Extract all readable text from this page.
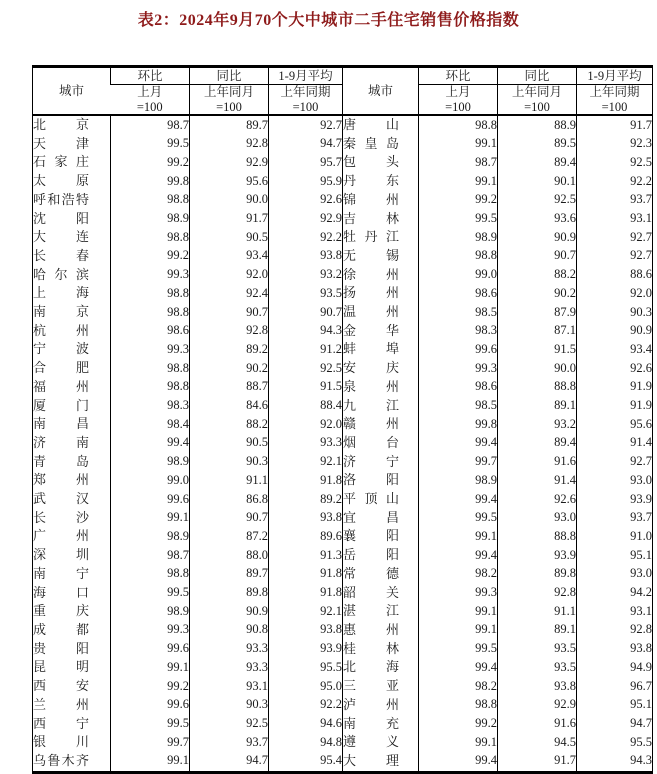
表2：2024年9月70个大中城市二手住宅销售价格指数
城市	环比	同比	1-9月平均	城市	环比	同比	1-9月平均
	上月	上年同月	上年同期		上月	上年同月	上年同期
	=100	=100	=100		=100	=100	=100
北京	98.7	89.7	92.7	唐山	98.8	88.9	91.7
天津	99.5	92.8	94.7	秦皇岛	99.1	89.5	92.3
石家庄	99.2	92.9	95.7	包头	98.7	89.4	92.5
太原	99.8	95.6	95.9	丹东	99.1	90.1	92.2
呼和浩特	98.8	90.0	92.6	锦州	99.2	92.5	93.7
沈阳	98.9	91.7	92.9	吉林	99.5	93.6	93.1
大连	98.8	90.5	92.2	牡丹江	98.9	90.9	92.7
长春	99.2	93.4	93.8	无锡	98.8	90.7	92.7
哈尔滨	99.3	92.0	93.2	徐州	99.0	88.2	88.6
上海	98.8	92.4	93.5	扬州	98.6	90.2	92.0
南京	98.8	90.7	90.7	温州	98.5	87.9	90.3
杭州	98.6	92.8	94.3	金华	98.3	87.1	90.9
宁波	99.3	89.2	91.2	蚌埠	99.6	91.5	93.4
合肥	98.8	90.2	92.5	安庆	99.3	90.0	92.6
福州	98.8	88.7	91.5	泉州	98.6	88.8	91.9
厦门	98.3	84.6	88.4	九江	98.5	89.1	91.9
南昌	98.4	88.2	92.0	赣州	99.8	93.2	95.6
济南	99.4	90.5	93.3	烟台	99.4	89.4	91.4
青岛	98.9	90.3	92.1	济宁	99.7	91.6	92.7
郑州	99.0	91.1	91.8	洛阳	98.9	91.4	93.0
武汉	99.6	86.8	89.2	平顶山	99.4	92.6	93.9
长沙	99.1	90.7	93.8	宜昌	99.5	93.0	93.7
广州	98.9	87.2	89.6	襄阳	99.1	88.8	91.0
深圳	98.7	88.0	91.3	岳阳	99.4	93.9	95.1
南宁	98.8	89.7	91.8	常德	98.2	89.8	93.0
海口	99.5	89.8	91.8	韶关	99.3	92.8	94.2
重庆	98.9	90.9	92.1	湛江	99.1	91.1	93.1
成都	99.3	90.8	93.8	惠州	99.1	89.1	92.8
贵阳	99.6	93.3	93.9	桂林	99.5	93.5	93.8
昆明	99.1	93.3	95.5	北海	99.4	93.5	94.9
西安	99.2	93.1	95.0	三亚	98.2	93.8	96.7
兰州	99.6	90.3	92.2	泸州	98.8	92.9	95.1
西宁	99.5	92.5	94.6	南充	99.2	91.6	94.7
银川	99.7	93.7	94.8	遵义	99.1	94.5	95.5
乌鲁木齐	99.1	94.7	95.4	大理	99.4	91.7	94.3
